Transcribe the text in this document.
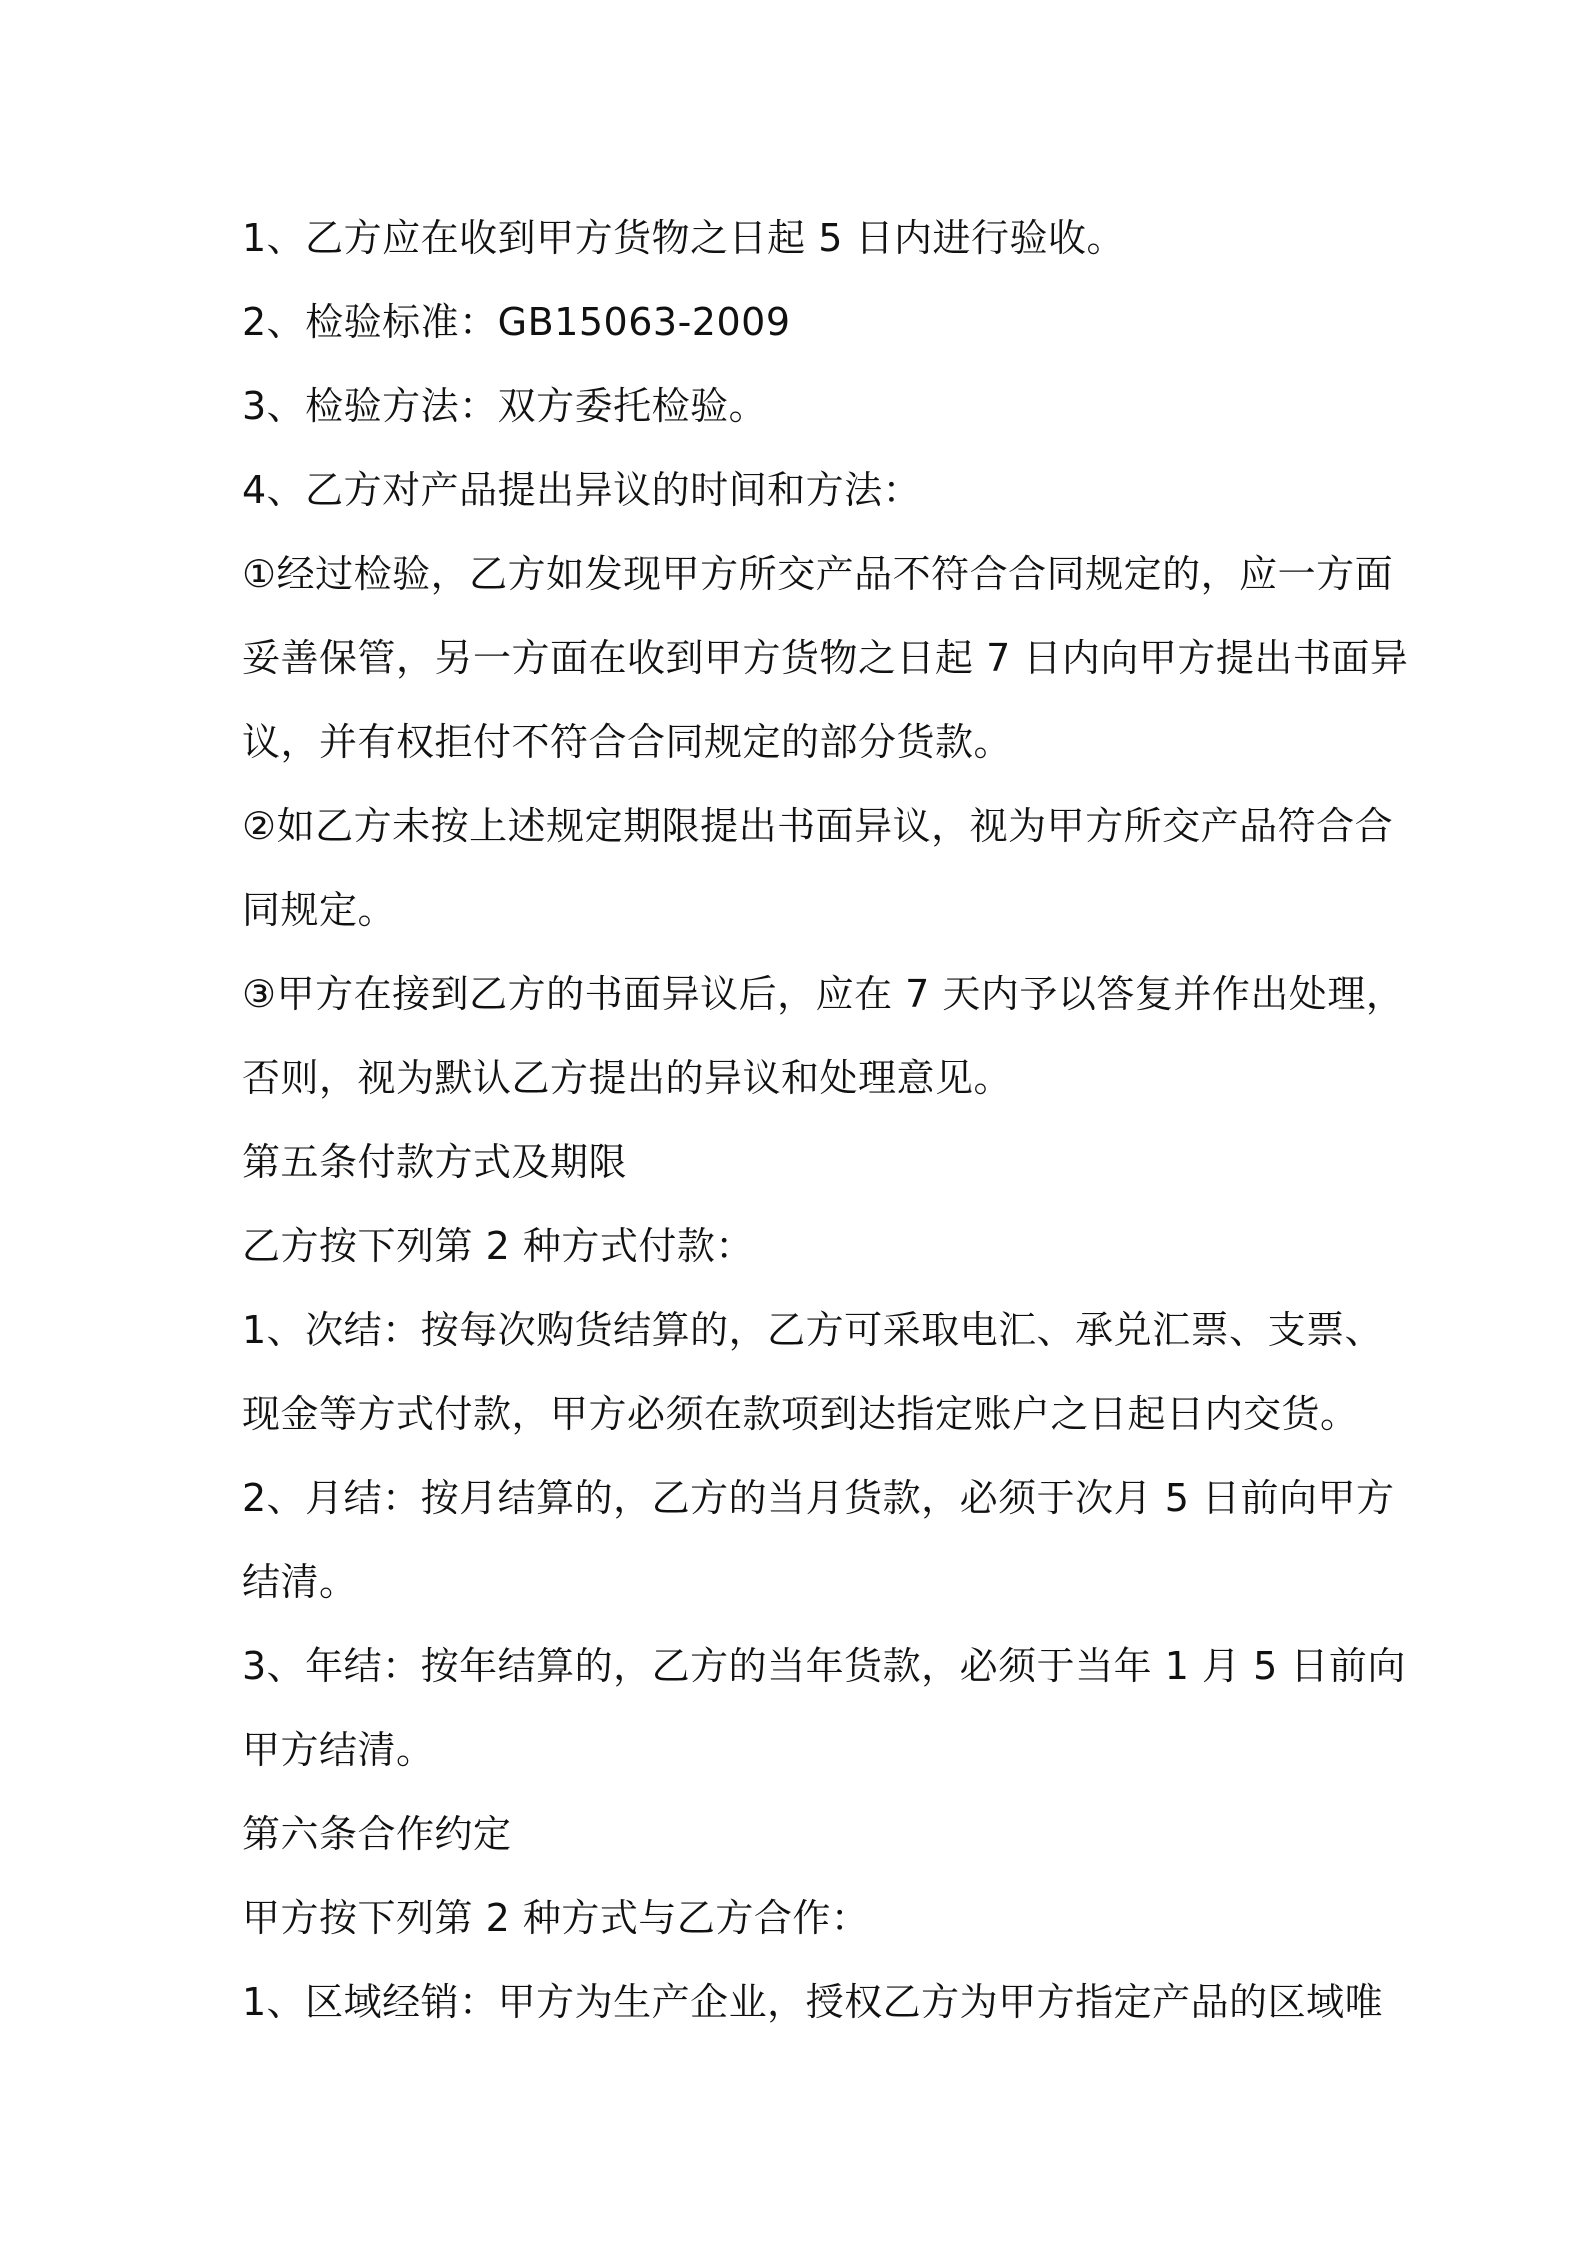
1、乙方应在收到甲方货物之日起 5 日内进行验收。
2、检验标准：GB15063-2009
3、检验方法：双方委托检验。
4、乙方对产品提出异议的时间和方法：
①经过检验，乙方如发现甲方所交产品不符合合同规定的，应一方面
妥善保管，另一方面在收到甲方货物之日起 7 日内向甲方提出书面异
议，并有权拒付不符合合同规定的部分货款。
②如乙方未按上述规定期限提出书面异议，视为甲方所交产品符合合
同规定。
③甲方在接到乙方的书面异议后，应在 7 天内予以答复并作出处理，
否则，视为默认乙方提出的异议和处理意见。
第五条付款方式及期限
乙方按下列第 2 种方式付款：
1、次结：按每次购货结算的，乙方可采取电汇、承兑汇票、支票、
现金等方式付款，甲方必须在款项到达指定账户之日起日内交货。
2、月结：按月结算的，乙方的当月货款，必须于次月 5 日前向甲方
结清。
3、年结：按年结算的，乙方的当年货款，必须于当年 1 月 5 日前向
甲方结清。
第六条合作约定
甲方按下列第 2 种方式与乙方合作：
1、区域经销：甲方为生产企业，授权乙方为甲方指定产品的区域唯
